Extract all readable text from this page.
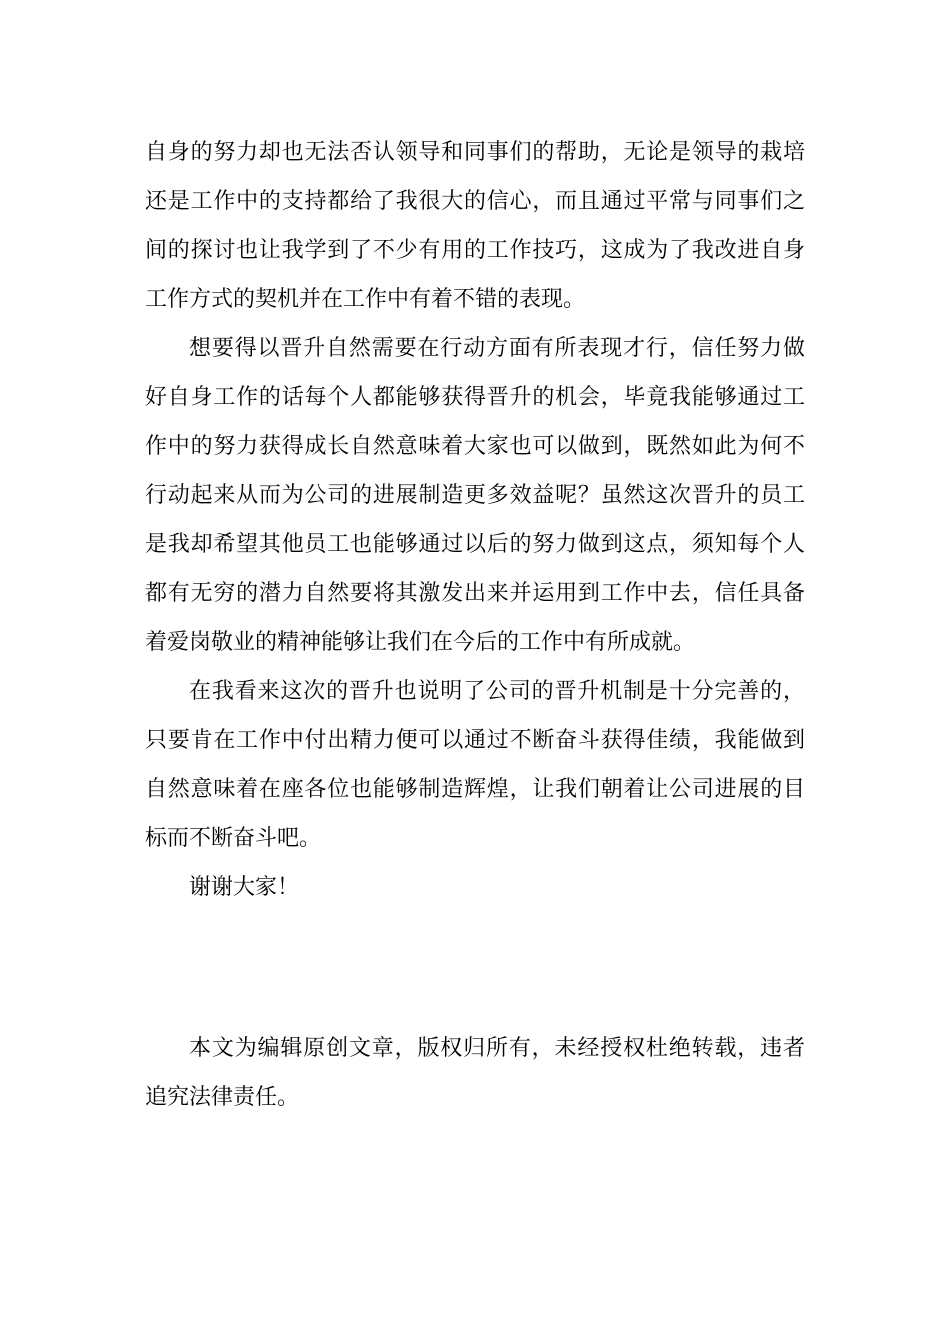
自身的努力却也无法否认领导和同事们的帮助，无论是领导的栽培
还是工作中的支持都给了我很大的信心，而且通过平常与同事们之
间的探讨也让我学到了不少有用的工作技巧，这成为了我改进自身
工作方式的契机并在工作中有着不错的表现。
想要得以晋升自然需要在行动方面有所表现才行，信任努力做
好自身工作的话每个人都能够获得晋升的机会，毕竟我能够通过工
作中的努力获得成长自然意味着大家也可以做到，既然如此为何不
行动起来从而为公司的进展制造更多效益呢？虽然这次晋升的员工
是我却希望其他员工也能够通过以后的努力做到这点，须知每个人
都有无穷的潜力自然要将其激发出来并运用到工作中去，信任具备
着爱岗敬业的精神能够让我们在今后的工作中有所成就。
在我看来这次的晋升也说明了公司的晋升机制是十分完善的，
只要肯在工作中付出精力便可以通过不断奋斗获得佳绩，我能做到
自然意味着在座各位也能够制造辉煌，让我们朝着让公司进展的目
标而不断奋斗吧。
谢谢大家！
本文为编辑原创文章，版权归所有，未经授权杜绝转载，违者
追究法律责任。
